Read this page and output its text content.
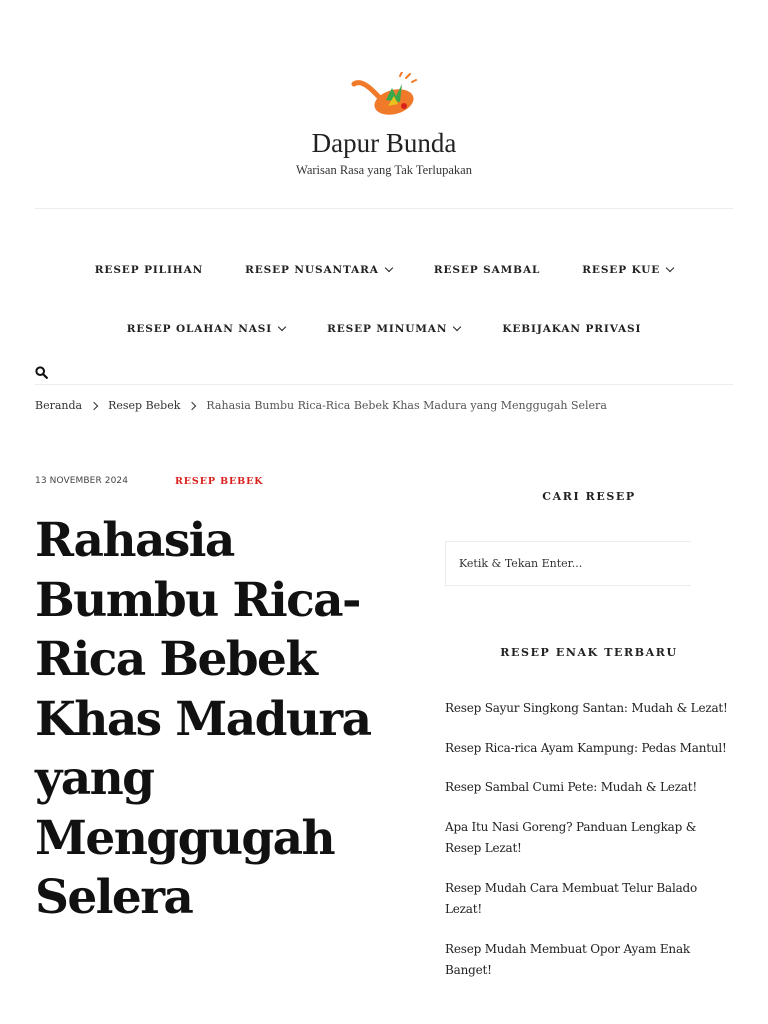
Dapur Bunda
Warisan Rasa yang Tak Terlupakan
RESEP PILIHAN	RESEP NUSANTARA	RESEP SAMBAL	RESEP KUE
RESEP OLAHAN NASI	RESEP MINUMAN	KEBIJAKAN PRIVASI
Beranda Resep Bebek Rahasia Bumbu Rica-Rica Bebek Khas Madura yang Menggugah Selera
13 NOVEMBER 2024	RESEP BEBEK
Rahasia Bumbu Rica-Rica Bebek Khas Madura yang Menggugah Selera
CARI RESEP
Ketik & Tekan Enter...
RESEP ENAK TERBARU
Resep Sayur Singkong Santan: Mudah & Lezat!
Resep Rica-rica Ayam Kampung: Pedas Mantul!
Resep Sambal Cumi Pete: Mudah & Lezat!
Apa Itu Nasi Goreng? Panduan Lengkap & Resep Lezat!
Resep Mudah Cara Membuat Telur Balado Lezat!
Resep Mudah Membuat Opor Ayam Enak Banget!
